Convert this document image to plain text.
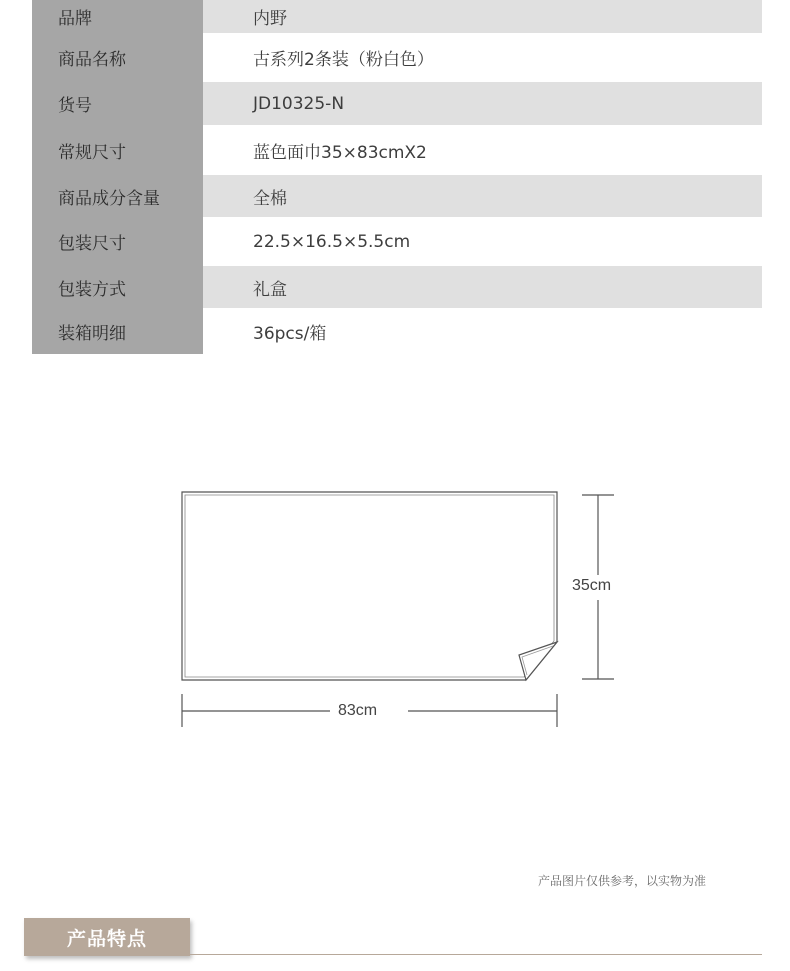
品牌	内野
商品名称	古系列2条装（粉白色）
货号	JD10325-N
常规尺寸	蓝色面巾35×83cmX2
商品成分含量	全棉
包装尺寸	22.5×16.5×5.5cm
包装方式	礼盒
装箱明细	36pcs/箱
35cm
83cm
产品图片仅供参考，以实物为准
产品特点
